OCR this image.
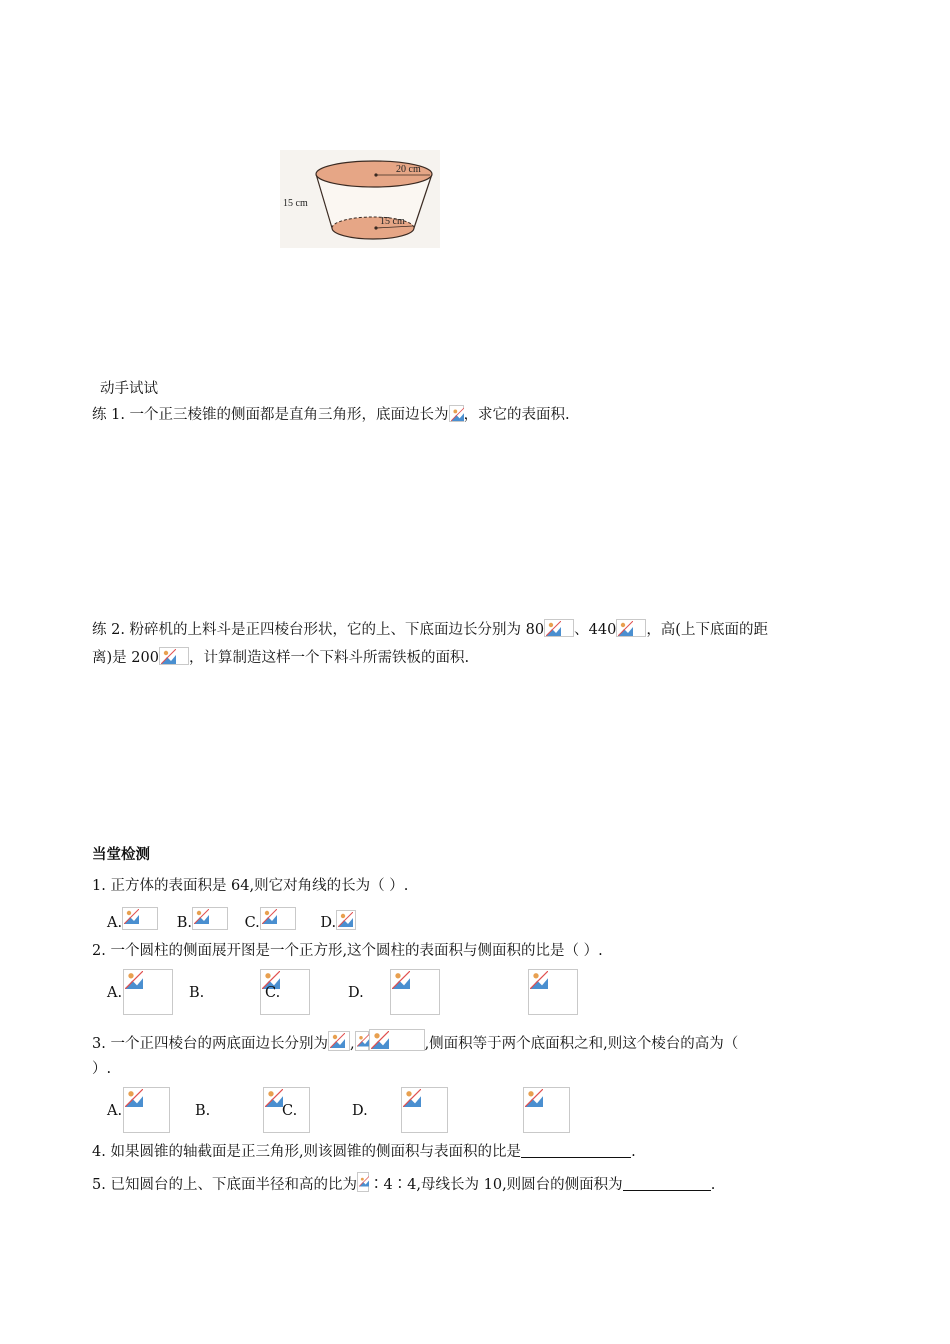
20 cm
15 cm
15 cm
动手试试
练 1. 一个正三棱锥的侧面都是直角三角形，底面边长为 ，求它的表面积.
练 2. 粉碎机的上料斗是正四棱台形状，它的上、下底面边长分别为 80 、440 ，高(上下底面的距
离)是 200 ，计算制造这样一个下料斗所需铁板的面积.
当堂检测
1. 正方体的表面积是 64,则它对角线的长为（ ）.
A.	B.	C.	D.
2. 一个圆柱的侧面展开图是一个正方形,这个圆柱的表面积与侧面积的比是（ ）.
A.
	B.
	C.
	D.
3. 一个正四棱台的两底面边长分别为 ,	,侧面积等于两个底面积之和,则这个棱台的高为（
）.
A.
	B.
	C.
	D.
4. 如果圆锥的轴截面是正三角形,则该圆锥的侧面积与表面积的比是	.
5. 已知圆台的上、下底面半径和高的比为 ∶4∶4,母线长为 10,则圆台的侧面积为	.
